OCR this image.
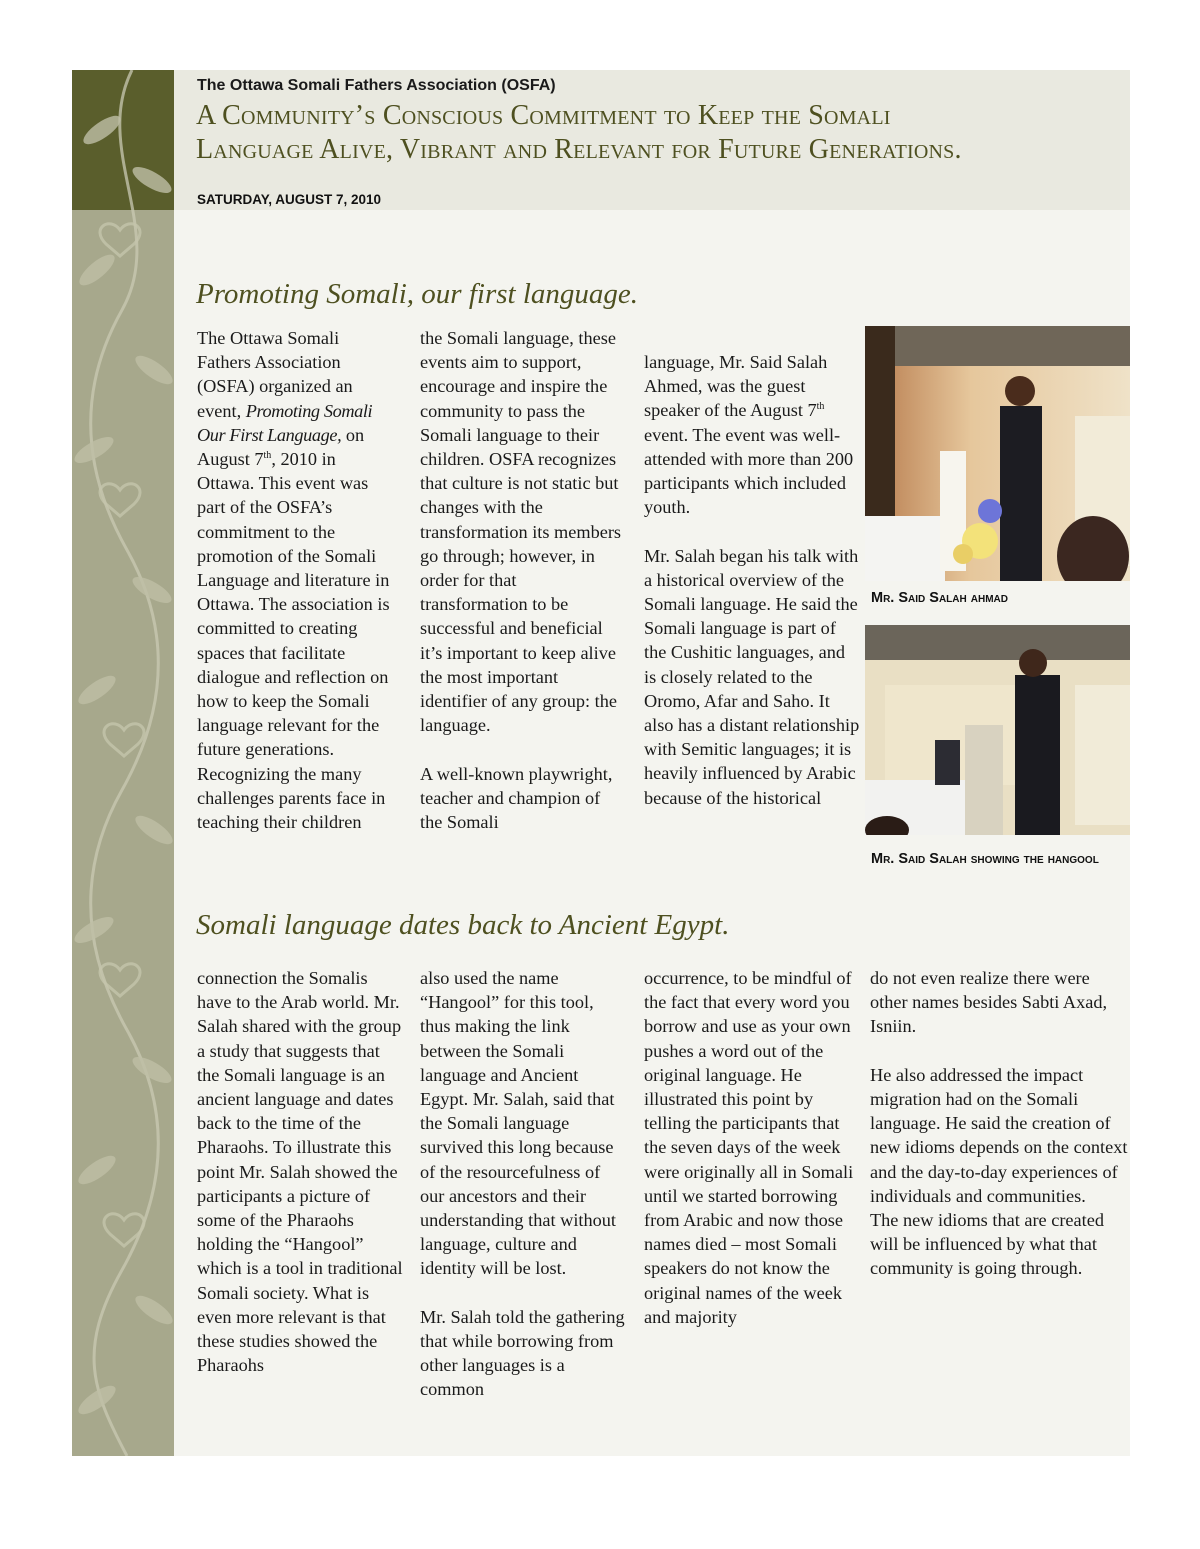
The Ottawa Somali Fathers Association (OSFA)
A Community’s Conscious Commitment to Keep the Somali
Language Alive, Vibrant and Relevant for Future Generations.
SATURDAY, AUGUST 7, 2010
Promoting Somali, our first language.

The Ottawa Somali Fathers Association (OSFA) organized an event, Promoting Somali Our First Language, on August 7th, 2010 in Ottawa. This event was part of the OSFA’s commitment to the promotion of the Somali Language and literature in Ottawa. The association is committed to creating spaces that facilitate dialogue and reflection on how to keep the Somali language relevant for the future generations. Recognizing the many challenges parents face in teaching their children

the Somali language, these events aim to support, encourage and inspire the community to pass the Somali language to their children. OSFA recognizes that culture is not static but changes with the transformation its members go through; however, in order for that transformation to be successful and beneficial it’s important to keep alive the most important identifier of any group: the language.

A well-known playwright, teacher and champion of the Somali

language, Mr. Said Salah Ahmed, was the guest speaker of the August 7th event. The event was well-attended with more than 200 participants which included youth.

Mr. Salah began his talk with a historical overview of the Somali language. He said the Somali language is part of the Cushitic languages, and is closely related to the Oromo, Afar and Saho. It also has a distant relationship with Semitic languages; it is heavily influenced by Arabic because of the historical

Mr. Said Salah ahmad
Mr. Said Salah showing the hangool
Somali language dates back to Ancient Egypt.

connection the Somalis have to the Arab world. Mr. Salah shared with the group a study that suggests that the Somali language is an ancient language and dates back to the time of the Pharaohs. To illustrate this point Mr. Salah showed the participants a picture of some of the Pharaohs holding the “Hangool” which is a tool in traditional Somali society. What is even more relevant is that these studies showed the Pharaohs

also used the name “Hangool” for this tool, thus making the link between the Somali language and Ancient Egypt. Mr. Salah, said that the Somali language survived this long because of the resourcefulness of our ancestors and their understanding that without language, culture and identity will be lost.

Mr. Salah told the gathering that while borrowing from other languages is a common

occurrence, to be mindful of the fact that every word you borrow and use as your own pushes a word out of the original language. He illustrated this point by telling the participants that the seven days of the week were originally all in Somali until we started borrowing from Arabic and now those names died – most Somali speakers do not know the original names of the week and majority

do not even realize there were other names besides Sabti Axad, Isniin.

He also addressed the impact migration had on the Somali language. He said the creation of new idioms depends on the context and the day-to-day experiences of individuals and communities.

The new idioms that are created will be influenced by what that community is going through.
